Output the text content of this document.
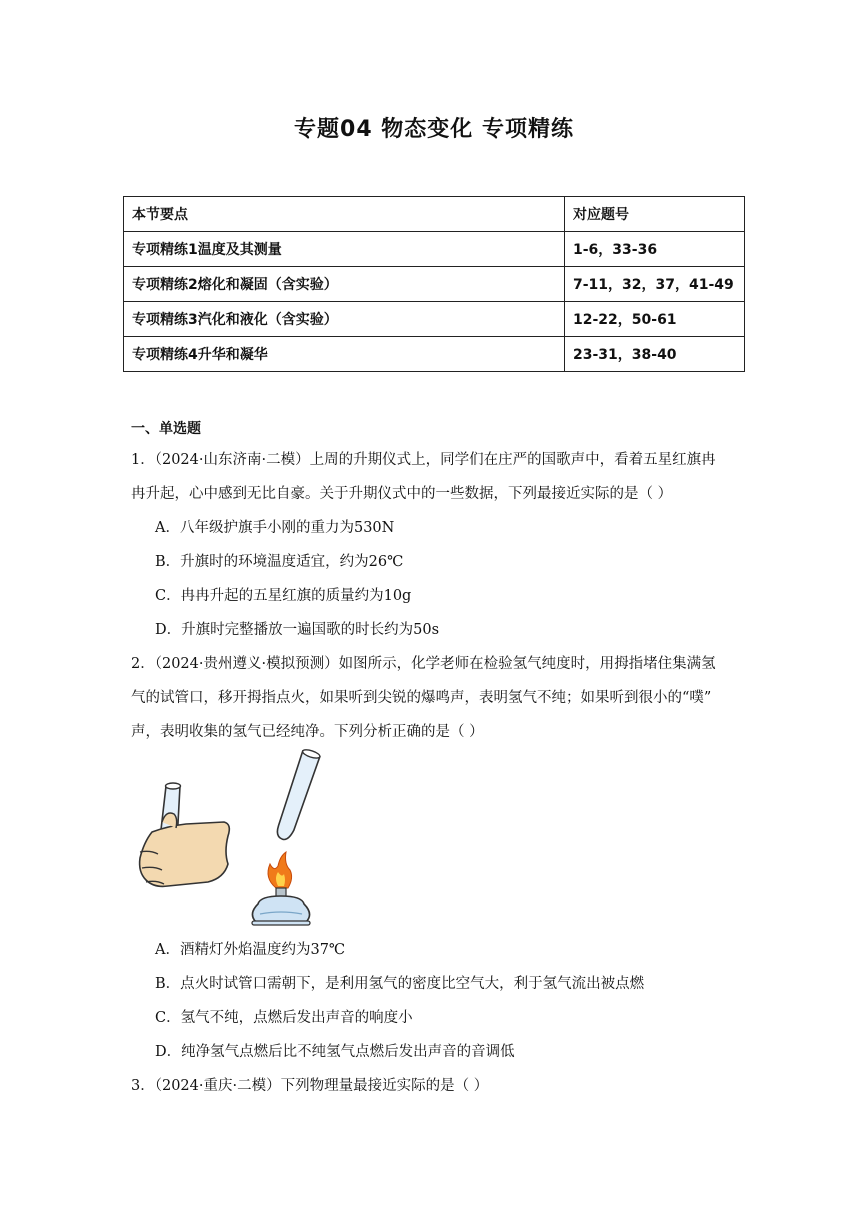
专题04 物态变化 专项精练
本节要点	对应题号
专项精练1温度及其测量	1-6，33-36
专项精练2熔化和凝固（含实验）	7-11，32，37，41-49
专项精练3汽化和液化（含实验）	12-22，50-61
专项精练4升华和凝华	23-31，38-40
一、单选题
1．（2024·山东济南·二模）上周的升期仪式上，同学们在庄严的国歌声中，看着五星红旗冉
冉升起，心中感到无比自豪。关于升期仪式中的一些数据，下列最接近实际的是（ ）
A．八年级护旗手小刚的重力为530N
B．升旗时的环境温度适宜，约为26℃
C．冉冉升起的五星红旗的质量约为10g
D．升旗时完整播放一遍国歌的时长约为50s
2．（2024·贵州遵义·模拟预测）如图所示，化学老师在检验氢气纯度时，用拇指堵住集满氢
气的试管口，移开拇指点火，如果听到尖锐的爆鸣声，表明氢气不纯；如果听到很小的“噗”
声，表明收集的氢气已经纯净。下列分析正确的是（ ）
A．酒精灯外焰温度约为37℃
B．点火时试管口需朝下，是利用氢气的密度比空气大，利于氢气流出被点燃
C．氢气不纯，点燃后发出声音的响度小
D．纯净氢气点燃后比不纯氢气点燃后发出声音的音调低
3．（2024·重庆·二模）下列物理量最接近实际的是（ ）
